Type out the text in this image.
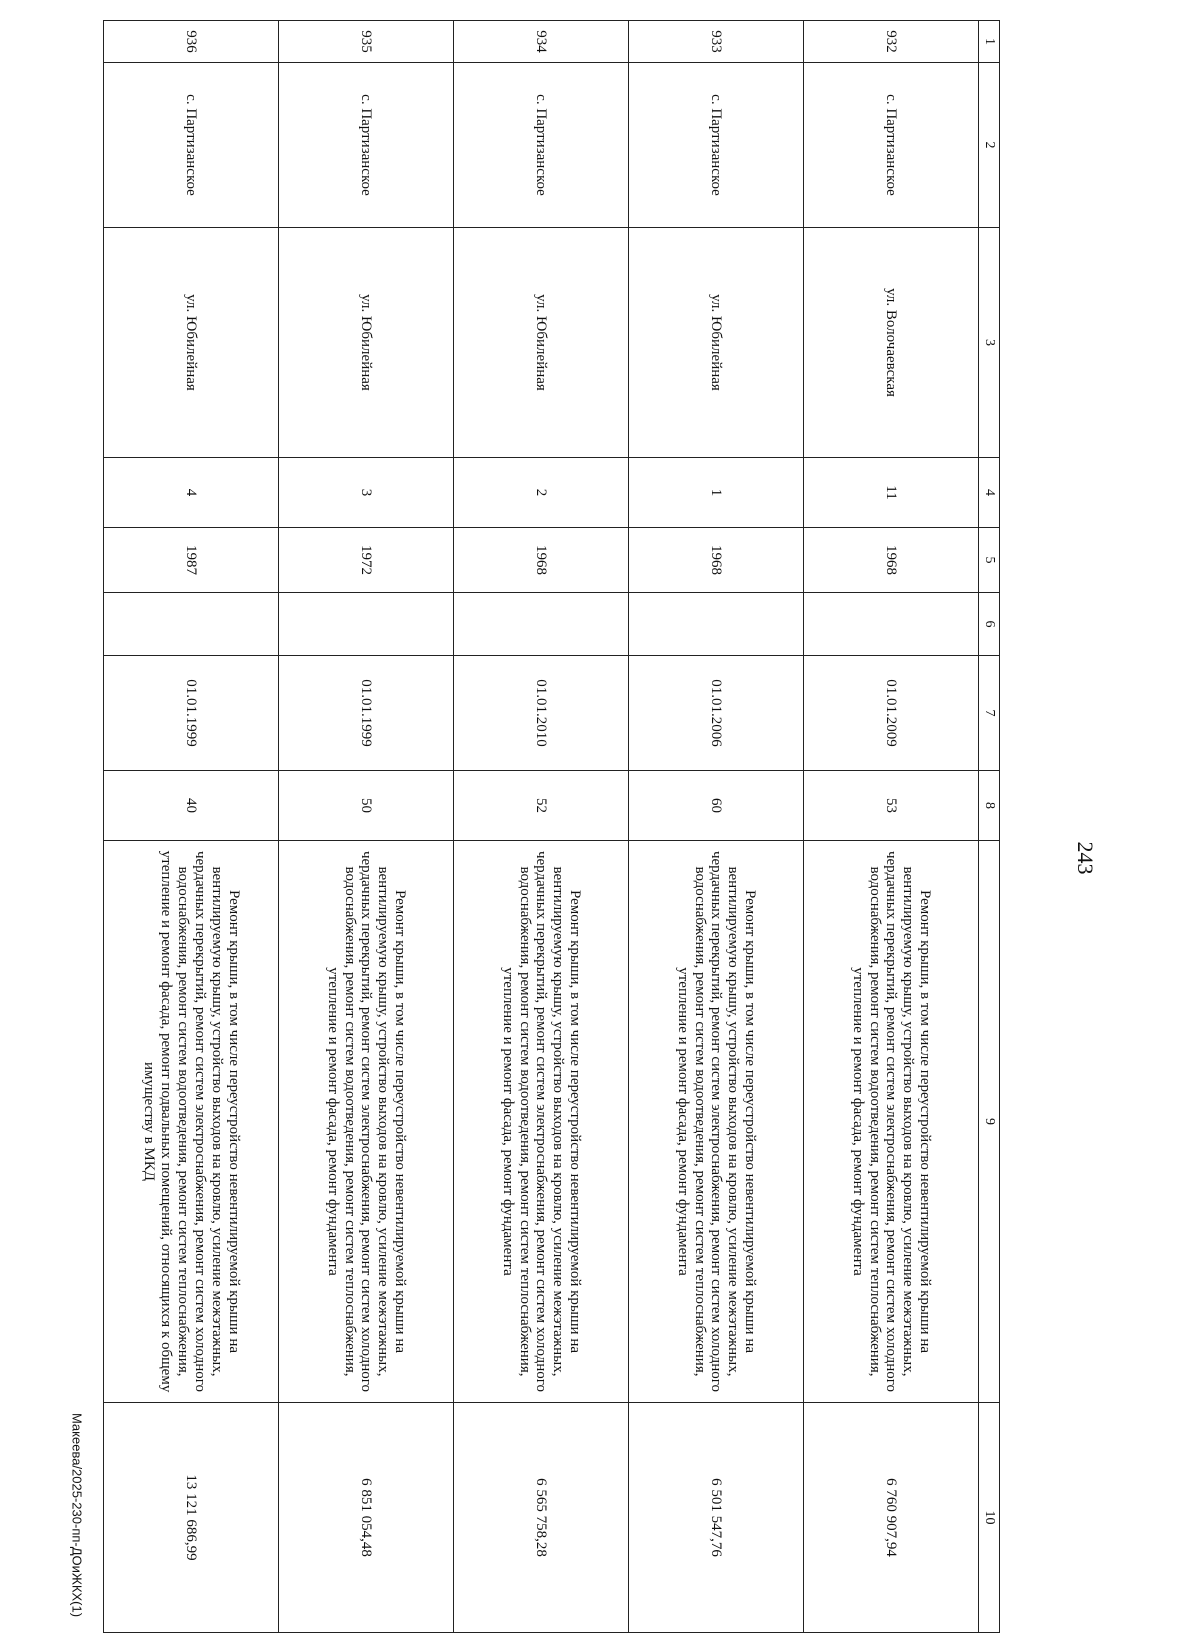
243
1	2	3	4	5	6	7	8	9	10
932	с. Партизанское	ул. Волочаевская	11	1968		01.01.2009	53	Ремонт крыши, в том числе переустройство невентилируемой крыши на вентилируемую крышу, устройство выходов на кровлю, усиление межэтажных, чердачных перекрытий, ремонт систем электроснабжения, ремонт систем холодного водоснабжения, ремонт систем водоотведения, ремонт систем теплоснабжения, утепление и ремонт фасада, ремонт фундамента	6 760 907,94
933	с. Партизанское	ул. Юбилейная	1	1968		01.01.2006	60	Ремонт крыши, в том числе переустройство невентилируемой крыши на вентилируемую крышу, устройство выходов на кровлю, усиление межэтажных, чердачных перекрытий, ремонт систем электроснабжения, ремонт систем холодного водоснабжения, ремонт систем водоотведения, ремонт систем теплоснабжения, утепление и ремонт фасада, ремонт фундамента	6 501 547,76
934	с. Партизанское	ул. Юбилейная	2	1968		01.01.2010	52	Ремонт крыши, в том числе переустройство невентилируемой крыши на вентилируемую крышу, устройство выходов на кровлю, усиление межэтажных, чердачных перекрытий, ремонт систем электроснабжения, ремонт систем холодного водоснабжения, ремонт систем водоотведения, ремонт систем теплоснабжения, утепление и ремонт фасада, ремонт фундамента	6 565 758,28
935	с. Партизанское	ул. Юбилейная	3	1972		01.01.1999	50	Ремонт крыши, в том числе переустройство невентилируемой крыши на вентилируемую крышу, устройство выходов на кровлю, усиление межэтажных, чердачных перекрытий, ремонт систем электроснабжения, ремонт систем холодного водоснабжения, ремонт систем водоотведения, ремонт систем теплоснабжения, утепление и ремонт фасада, ремонт фундамента	6 851 054,48
936	с. Партизанское	ул. Юбилейная	4	1987		01.01.1999	40	Ремонт крыши, в том числе переустройство невентилируемой крыши на вентилируемую крышу, устройство выходов на кровлю, усиление межэтажных, чердачных перекрытий, ремонт систем электроснабжения, ремонт систем холодного водоснабжения, ремонт систем водоотведения, ремонт систем теплоснабжения, утепление и ремонт фасада, ремонт подвальных помещений, относящихся к общему имуществу в МКД	13 121 686,99
Макеева/2025-230-пп-ДОиЖКХ(1)
